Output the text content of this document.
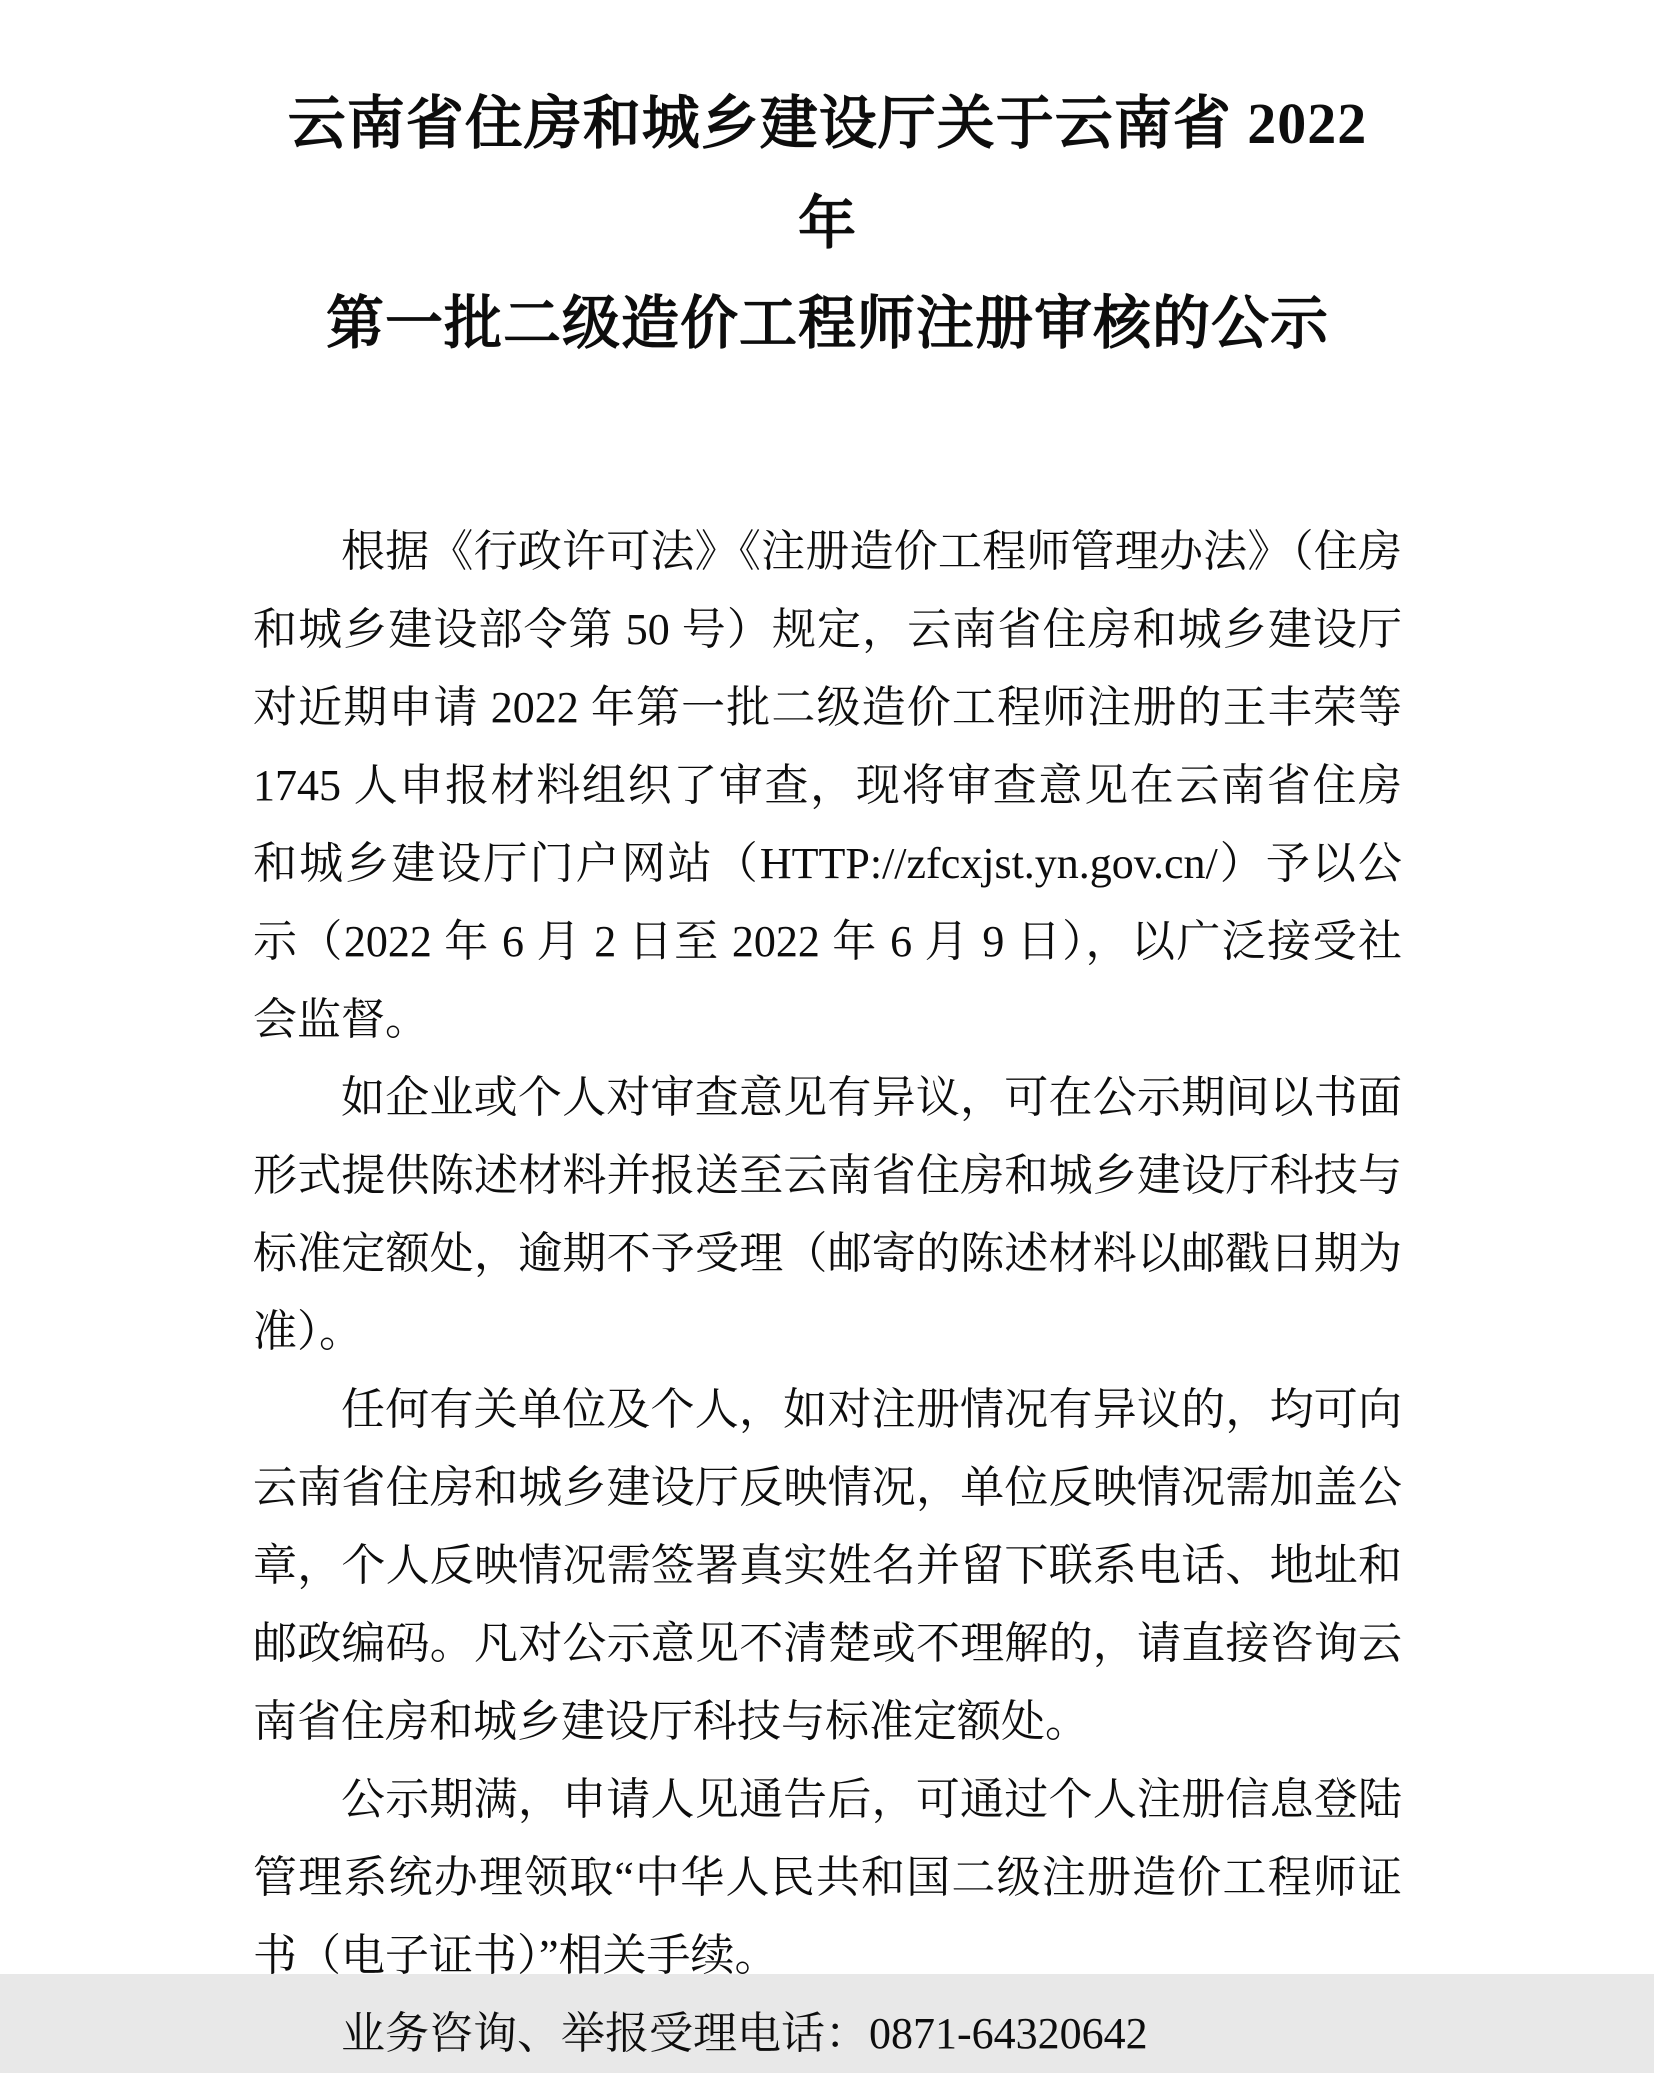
云南省住房和城乡建设厅关于云南省 2022 年
第一批二级造价工程师注册审核的公示

根据《行政许可法》《注册造价工程师管理办法》（住房和城乡建设部令第 50 号）规定，云南省住房和城乡建设厅对近期申请 2022 年第一批二级造价工程师注册的王丰荣等 1745 人申报材料组织了审查，现将审查意见在云南省住房和城乡建设厅门户网站（HTTP://zfcxjst.yn.gov.cn/）予以公示（2022 年 6 月 2 日至 2022 年 6 月 9 日），以广泛接受社会监督。

如企业或个人对审查意见有异议，可在公示期间以书面形式提供陈述材料并报送至云南省住房和城乡建设厅科技与标准定额处，逾期不予受理（邮寄的陈述材料以邮戳日期为准）。

任何有关单位及个人，如对注册情况有异议的，均可向云南省住房和城乡建设厅反映情况，单位反映情况需加盖公章，个人反映情况需签署真实姓名并留下联系电话、地址和邮政编码。凡对公示意见不清楚或不理解的，请直接咨询云南省住房和城乡建设厅科技与标准定额处。

公示期满，申请人见通告后，可通过个人注册信息登陆管理系统办理领取“中华人民共和国二级注册造价工程师证书（电子证书）”相关手续。

业务咨询、举报受理电话：0871-64320642
